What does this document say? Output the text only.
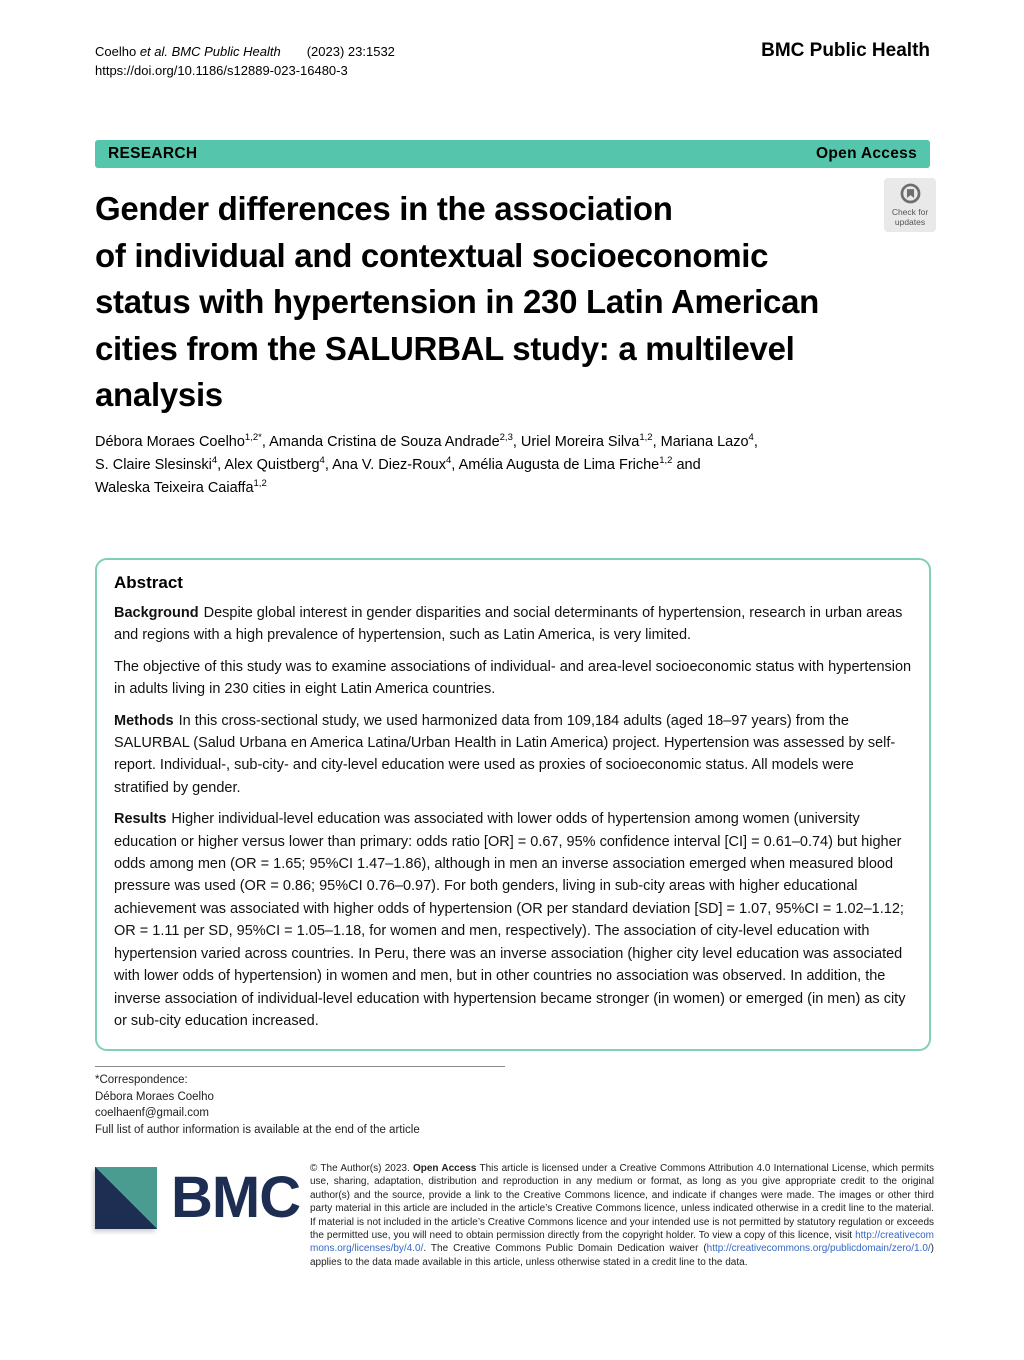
Coelho et al. BMC Public Health (2023) 23:1532
https://doi.org/10.1186/s12889-023-16480-3
BMC Public Health
RESEARCH	Open Access
Gender differences in the association
of individual and contextual socioeconomic
status with hypertension in 230 Latin American
cities from the SALURBAL study: a multilevel
analysis
Check for
updates
Débora Moraes Coelho$^{1,2*}$, Amanda Cristina de Souza Andrade$^{2,3}$, Uriel Moreira Silva$^{1,2}$, Mariana Lazo$^4$,
S. Claire Slesinski$^4$, Alex Quistberg$^4$, Ana V. Diez-Roux$^4$, Amélia Augusta de Lima Friche$^{1,2}$ and
Waleska Teixeira Caiaffa$^{1,2}$
Abstract

Background Despite global interest in gender disparities and social determinants of hypertension, research in urban areas and regions with a high prevalence of hypertension, such as Latin America, is very limited.

The objective of this study was to examine associations of individual- and area-level socioeconomic status with hypertension in adults living in 230 cities in eight Latin America countries.

Methods In this cross-sectional study, we used harmonized data from 109,184 adults (aged 18–97 years) from the SALURBAL (Salud Urbana en America Latina/Urban Health in Latin America) project. Hypertension was assessed by self-report. Individual-, sub-city- and city-level education were used as proxies of socioeconomic status. All models were stratified by gender.

Results Higher individual-level education was associated with lower odds of hypertension among women (university education or higher versus lower than primary: odds ratio [OR] = 0.67, 95% confidence interval [CI] = 0.61–0.74) but higher odds among men (OR = 1.65; 95%CI 1.47–1.86), although in men an inverse association emerged when measured blood pressure was used (OR = 0.86; 95%CI 0.76–0.97). For both genders, living in sub-city areas with higher educational achievement was associated with higher odds of hypertension (OR per standard deviation [SD] = 1.07, 95%CI = 1.02–1.12; OR = 1.11 per SD, 95%CI = 1.05–1.18, for women and men, respectively). The association of city-level education with hypertension varied across countries. In Peru, there was an inverse association (higher city level education was associated with lower odds of hypertension) in women and men, but in other countries no association was observed. In addition, the inverse association of individual-level education with hypertension became stronger (in women) or emerged (in men) as city or sub-city education increased.

*Correspondence:
Débora Moraes Coelho
coelhaenf@gmail.com
Full list of author information is available at the end of the article
BMC © The Author(s) 2023. Open Access This article is licensed under a Creative Commons Attribution 4.0 International License, which permits use, sharing, adaptation, distribution and reproduction in any medium or format, as long as you give appropriate credit to the original author(s) and the source, provide a link to the Creative Commons licence, and indicate if changes were made. The images or other third party material in this article are included in the article’s Creative Commons licence, unless indicated otherwise in a credit line to the material. If material is not included in the article’s Creative Commons licence and your intended use is not permitted by statutory regulation or exceeds the permitted use, you will need to obtain permission directly from the copyright holder. To view a copy of this licence, visit http://creativecommons.org/licenses/by/4.0/. The Creative Commons Public Domain Dedication waiver (http://creativecommons.org/publicdomain/zero/1.0/) applies to the data made available in this article, unless otherwise stated in a credit line to the data.
